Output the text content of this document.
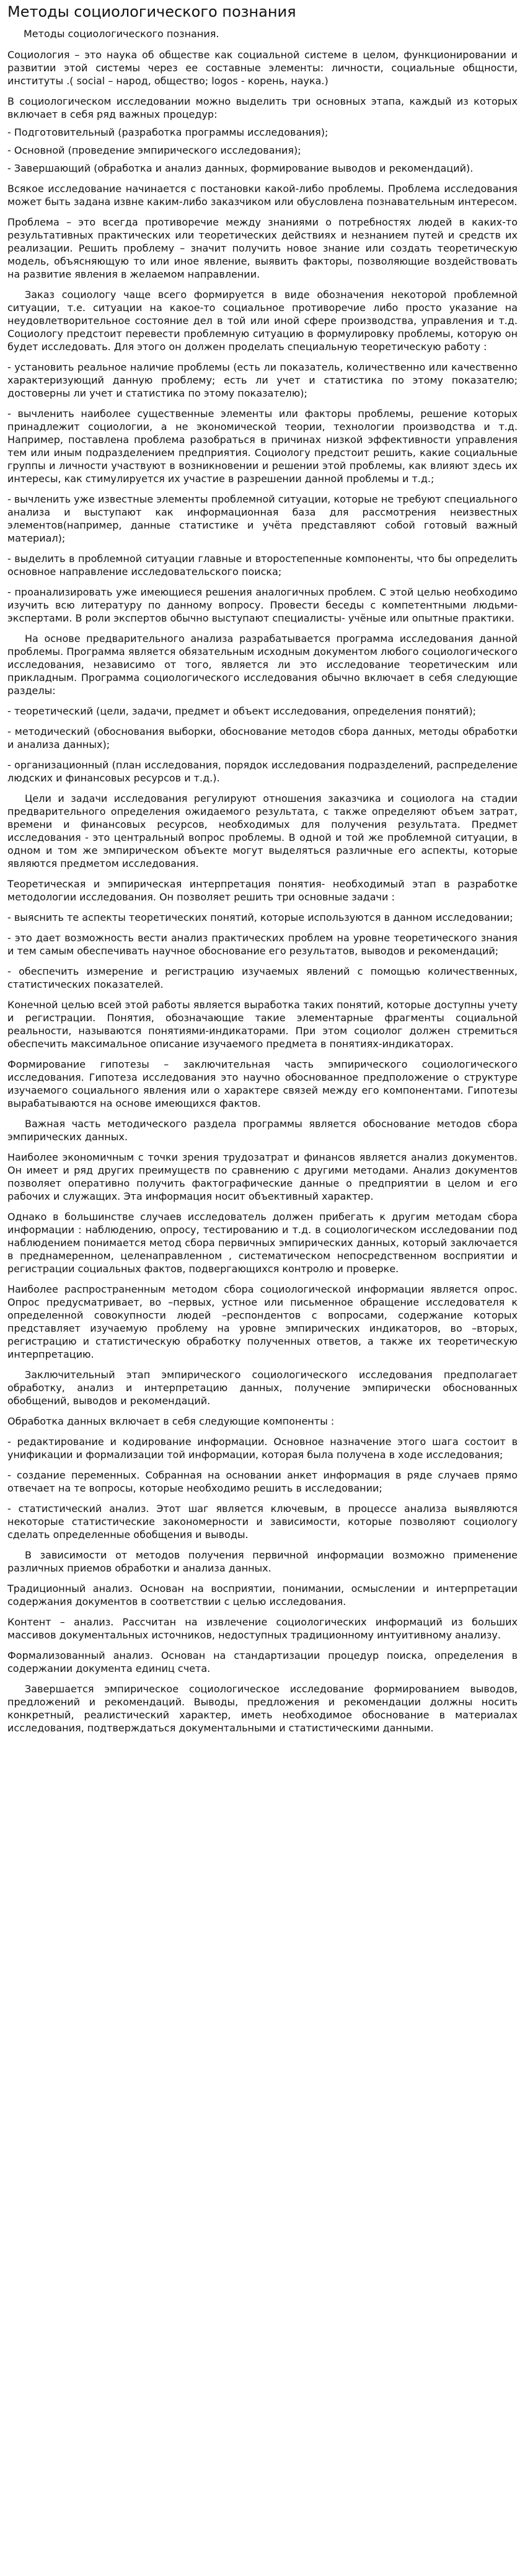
Методы социологического познания

Методы социологического познания.

Социология – это наука об обществе как социальной системе в целом, функционировании и развитии этой системы через ее составные элементы: личности, социальные общности, институты .( social – народ, общество; logos - корень, наука.)

В социологическом исследовании можно выделить три основных этапа, каждый из которых включает в себя ряд важных процедур:

- Подготовительный (разработка программы исследования);

- Основной (проведение эмпирического исследования);

- Завершающий (обработка и анализ данных, формирование выводов и рекомендаций).

Всякое исследование начинается с постановки какой-либо проблемы. Проблема исследования может быть задана извне каким-либо заказчиком или обусловлена познавательным интересом.

Проблема – это всегда противоречие между знаниями о потребностях людей в каких-то результативных практических или теоретических действиях и незнанием путей и средств их реализации. Решить проблему – значит получить новое знание или создать теоретическую модель, объясняющую то или иное явление, выявить факторы, позволяющие воздействовать на развитие явления в желаемом направлении.

Заказ социологу чаще всего формируется в виде обозначения некоторой проблемной ситуации, т.е. ситуации на какое-то социальное противоречие либо просто указание на неудовлетворительное состояние дел в той или иной сфере производства, управления и т.д. Социологу предстоит перевести проблемную ситуацию в формулировку проблемы, которую он будет исследовать. Для этого он должен проделать специальную теоретическую работу :

- установить реальное наличие проблемы (есть ли показатель, количественно или качественно характеризующий данную проблему; есть ли учет и статистика по этому показателю; достоверны ли учет и статистика по этому показателю);

- вычленить наиболее существенные элементы или факторы проблемы, решение которых принадлежит социологии, а не экономической теории, технологии производства и т.д. Например, поставлена проблема разобраться в причинах низкой эффективности управления тем или иным подразделением предприятия. Социологу предстоит решить, какие социальные группы и личности участвуют в возникновении и решении этой проблемы, как влияют здесь их интересы, как стимулируется их участие в разрешении данной проблемы и т.д.;

- вычленить уже известные элементы проблемной ситуации, которые не требуют специального анализа и выступают как информационная база для рассмотрения неизвестных элементов(например, данные статистике и учёта представляют собой готовый важный материал);

- выделить в проблемной ситуации главные и второстепенные компоненты, что бы определить основное направление исследовательского поиска;

- проанализировать уже имеющиеся решения аналогичных проблем. С этой целью необходимо изучить всю литературу по данному вопросу. Провести беседы с компетентными людьми- экспертами. В роли экспертов обычно выступают специалисты- учёные или опытные практики.

На основе предварительного анализа разрабатывается программа исследования данной проблемы. Программа является обязательным исходным документом любого социологического исследования, независимо от того, является ли это исследование теоретическим или прикладным. Программа социологического исследования обычно включает в себя следующие разделы:

- теоретический (цели, задачи, предмет и объект исследования, определения понятий);

- методический (обоснования выборки, обоснование методов сбора данных, методы обработки и анализа данных);

- организационный (план исследования, порядок исследования подразделений, распределение людских и финансовых ресурсов и т.д.).

Цели и задачи исследования регулируют отношения заказчика и социолога на стадии предварительного определения ожидаемого результата, с также определяют объем затрат, времени и финансовых ресурсов, необходимых для получения результата. Предмет исследования - это центральный вопрос проблемы. В одной и той же проблемной ситуации, в одном и том же эмпирическом объекте могут выделяться различные его аспекты, которые являются предметом исследования.

Теоретическая и эмпирическая интерпретация понятия- необходимый этап в разработке методологии исследования. Он позволяет решить три основные задачи :

- выяснить те аспекты теоретических понятий, которые используются в данном исследовании;

- это дает возможность вести анализ практических проблем на уровне теоретического знания и тем самым обеспечивать научное обоснование его результатов, выводов и рекомендаций;

- обеспечить измерение и регистрацию изучаемых явлений с помощью количественных, статистических показателей.

Конечной целью всей этой работы является выработка таких понятий, которые доступны учету и регистрации. Понятия, обозначающие такие элементарные фрагменты социальной реальности, называются понятиями-индикаторами. При этом социолог должен стремиться обеспечить максимальное описание изучаемого предмета в понятиях-индикаторах.

Формирование гипотезы – заключительная часть эмпирического социологического исследования. Гипотеза исследования это научно обоснованное предположение о структуре изучаемого социального явления или о характере связей между его компонентами. Гипотезы вырабатываются на основе имеющихся фактов.

Важная часть методического раздела программы является обоснование методов сбора эмпирических данных.

Наиболее экономичным с точки зрения трудозатрат и финансов является анализ документов. Он имеет и ряд других преимуществ по сравнению с другими методами. Анализ документов позволяет оперативно получить фактографические данные о предприятии в целом и его рабочих и служащих. Эта информация носит объективный характер.

Однако в большинстве случаев исследователь должен прибегать к другим методам сбора информации : наблюдению, опросу, тестированию и т.д. в социологическом исследовании под наблюдением понимается метод сбора первичных эмпирических данных, который заключается в преднамеренном, целенаправленном , систематическом непосредственном восприятии и регистрации социальных фактов, подвергающихся контролю и проверке.

Наиболее распространенным методом сбора социологической информации является опрос. Опрос предусматривает, во –первых, устное или письменное обращение исследователя к определенной совокупности людей –респондентов с вопросами, содержание которых представляет изучаемую проблему на уровне эмпирических индикаторов, во –вторых, регистрацию и статистическую обработку полученных ответов, а также их теоретическую интерпретацию.

Заключительный этап эмпирического социологического исследования предполагает обработку, анализ и интерпретацию данных, получение эмпирически обоснованных обобщений, выводов и рекомендаций.

Обработка данных включает в себя следующие компоненты :

- редактирование и кодирование информации. Основное назначение этого шага состоит в унификации и формализации той информации, которая была получена в ходе исследования;

- создание переменных. Собранная на основании анкет информация в ряде случаев прямо отвечает на те вопросы, которые необходимо решить в исследовании;

- статистический анализ. Этот шаг является ключевым, в процессе анализа выявляются некоторые статистические закономерности и зависимости, которые позволяют социологу сделать определенные обобщения и выводы.

В зависимости от методов получения первичной информации возможно применение различных приемов обработки и анализа данных.

Традиционный анализ. Основан на восприятии, понимании, осмыслении и интерпретации содержания документов в соответствии с целью исследования.

Контент – анализ. Рассчитан на извлечение социологических информаций из больших массивов документальных источников, недоступных традиционному интуитивному анализу.

Формализованный анализ. Основан на стандартизации процедур поиска, определения в содержании документа единиц счета.

Завершается эмпирическое социологическое исследование формированием выводов, предложений и рекомендаций. Выводы, предложения и рекомендации должны носить конкретный, реалистический характер, иметь необходимое обоснование в материалах исследования, подтверждаться документальными и статистическими данными.
